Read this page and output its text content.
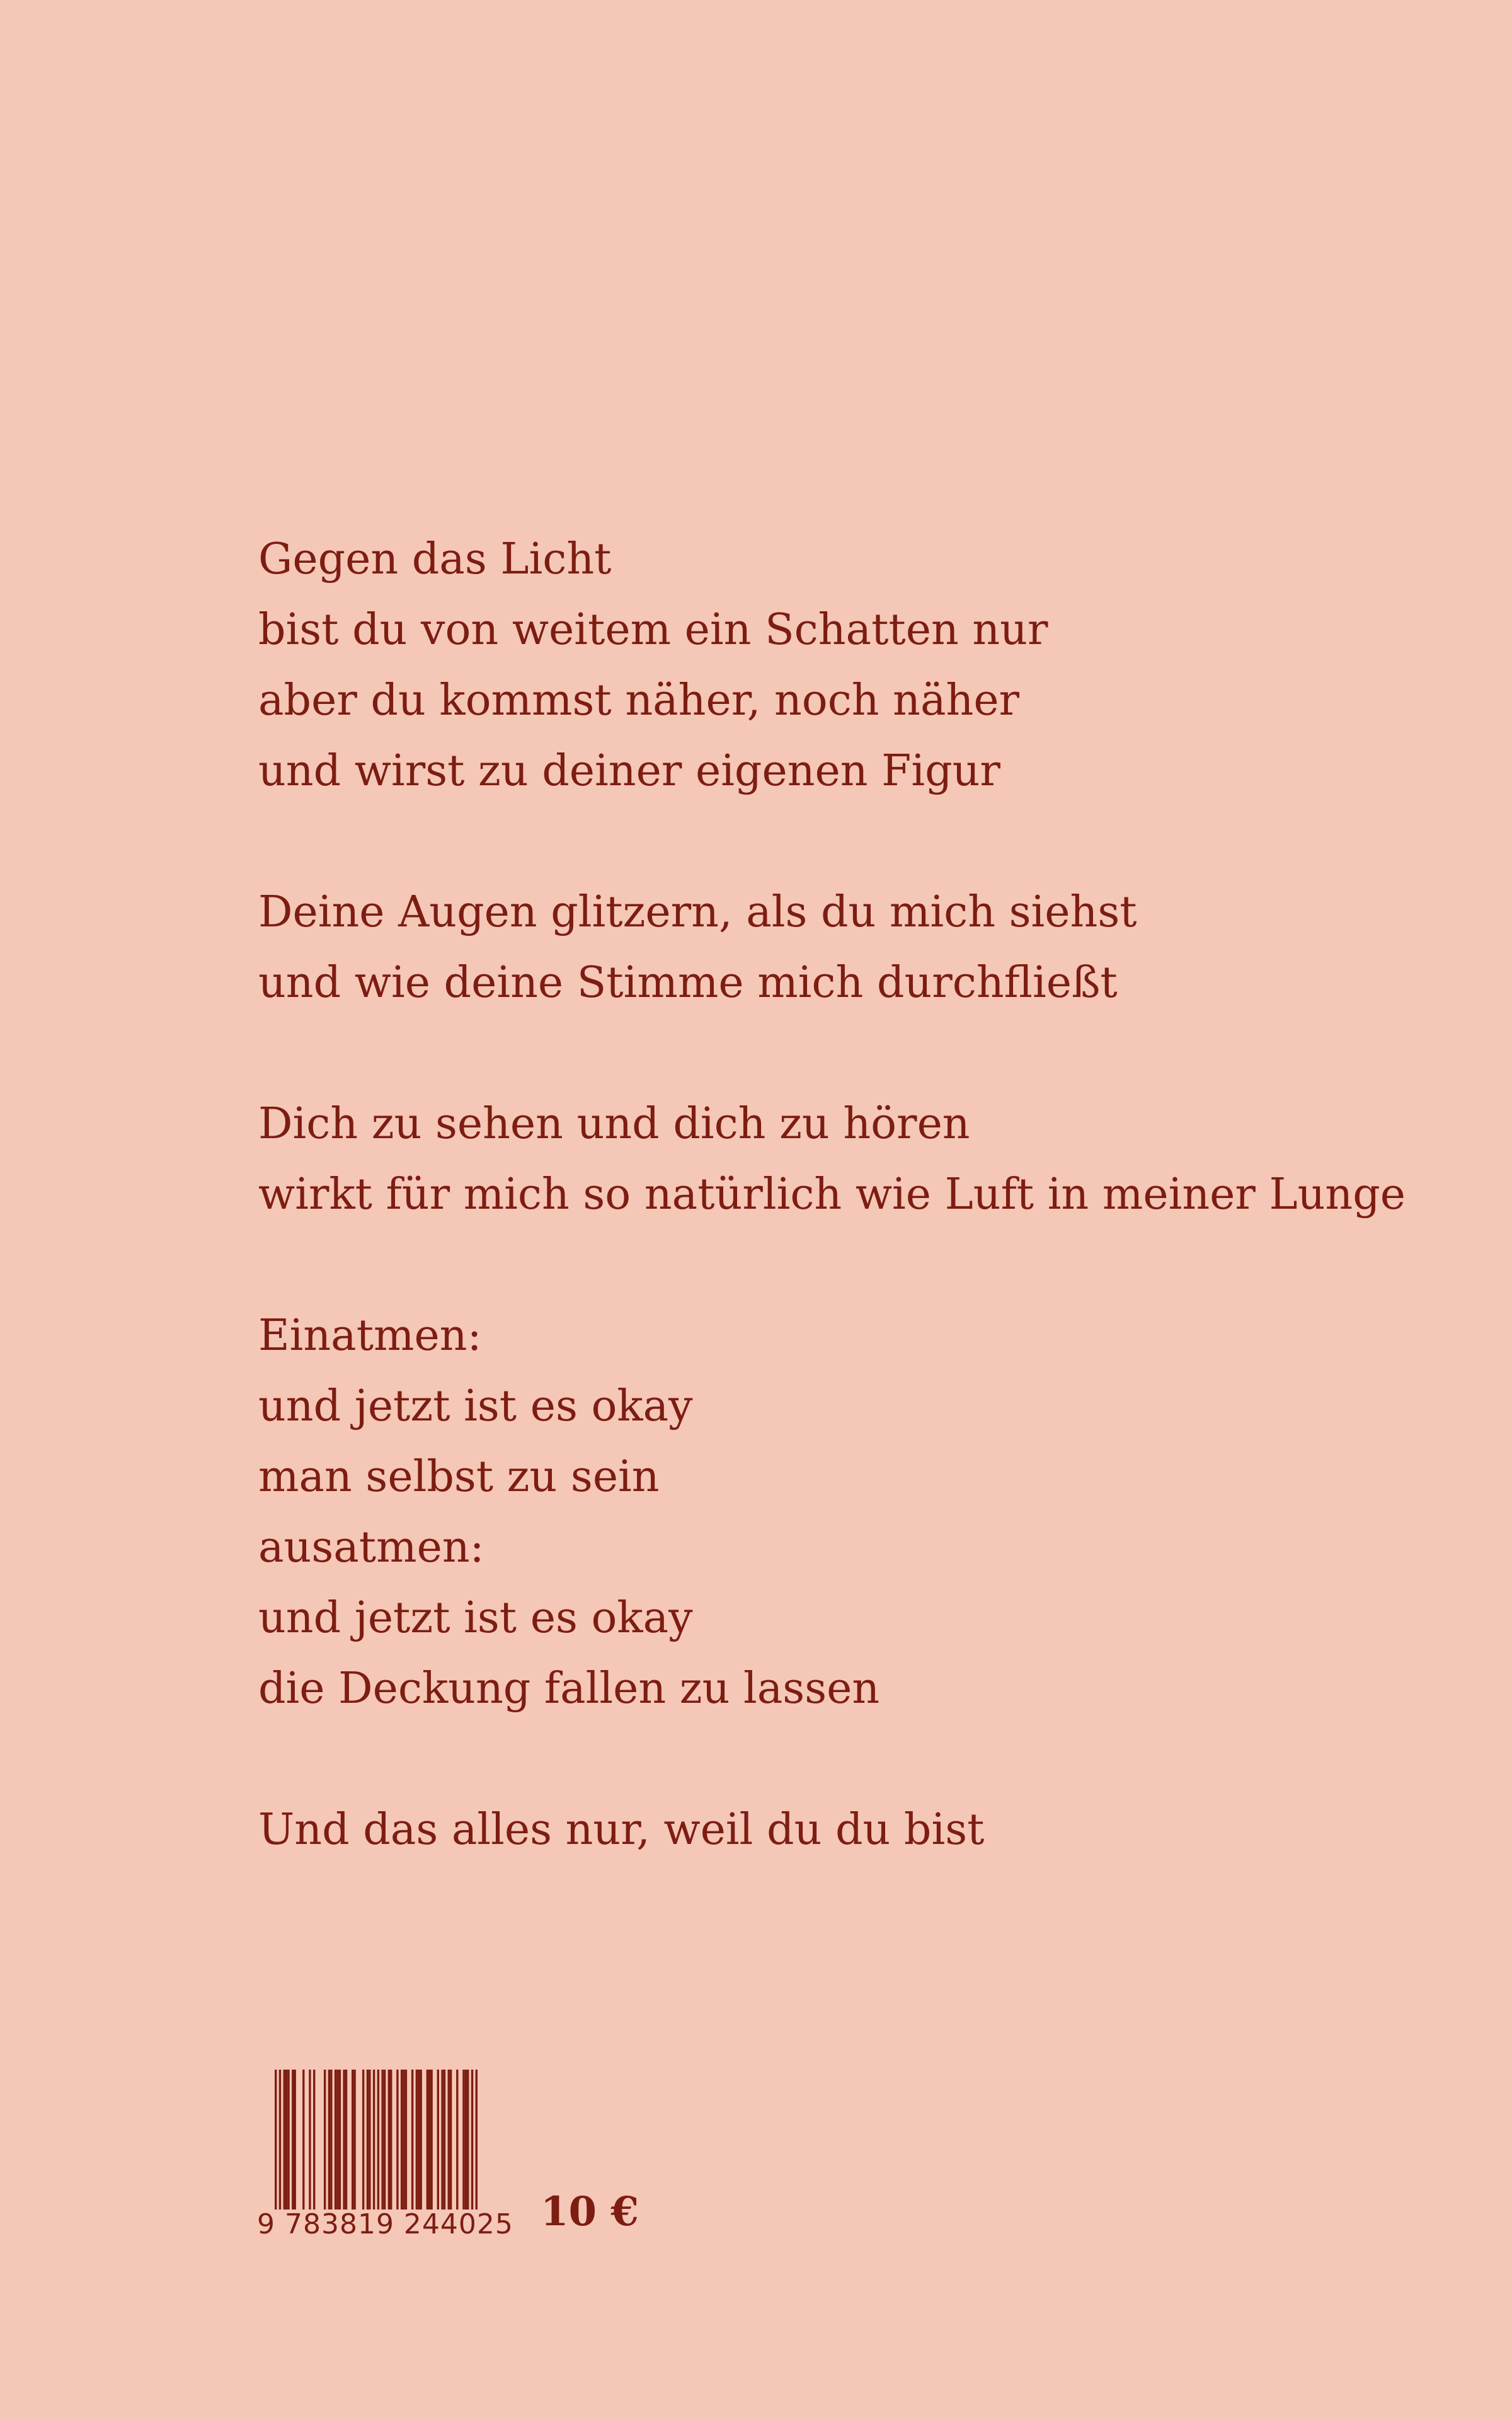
Gegen das Licht
bist du von weitem ein Schatten nur
aber du kommst näher, noch näher
und wirst zu deiner eigenen Figur
Deine Augen glitzern, als du mich siehst
und wie deine Stimme mich durchfließt
Dich zu sehen und dich zu hören
wirkt für mich so natürlich wie Luft in meiner Lunge
Einatmen:
und jetzt ist es okay
man selbst zu sein
ausatmen:
und jetzt ist es okay
die Deckung fallen zu lassen
Und das alles nur, weil du du bist
9 783819 244025 10 €
